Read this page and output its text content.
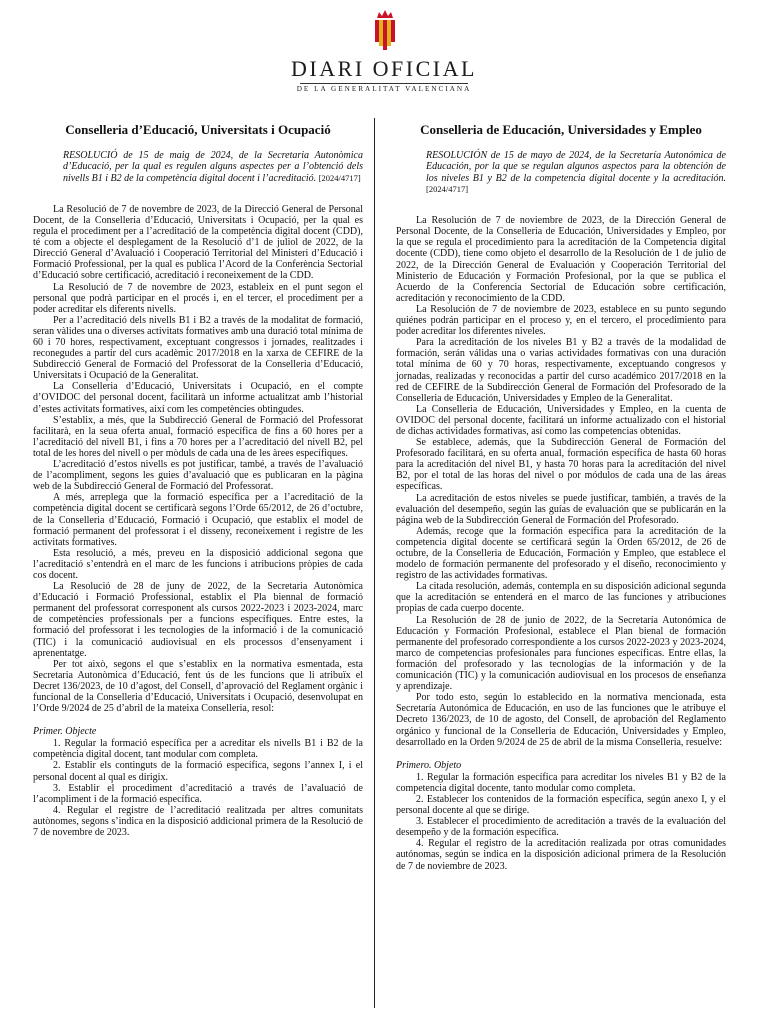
DIARI OFICIAL
DE LA GENERALITAT VALENCIANA
Conselleria d’Educació, Universitats i Ocupació
RESOLUCIÓ de 15 de maig de 2024, de la Secretaria Autonòmica d’Educació, per la qual es regulen alguns aspectes per a l’obtenció dels nivells B1 i B2 de la competència digital docent i l’acreditació. [2024/4717]

La Resolució de 7 de novembre de 2023, de la Direcció General de Personal Docent, de la Conselleria d’Educació, Universitats i Ocupació, per la qual es regula el procediment per a l’acreditació de la competència digital docent (CDD), té com a objecte el desplegament de la Resolució d’1 de juliol de 2022, de la Direcció General d’Avaluació i Cooperació Territorial del Ministeri d’Educació i Formació Professional, per la qual es publica l’Acord de la Conferència Sectorial d’Educació sobre certificació, acreditació i reconeixement de la CDD.

La Resolució de 7 de novembre de 2023, estableix en el punt segon el personal que podrà participar en el procés i, en el tercer, el procediment per a poder acreditar els diferents nivells.

Per a l’acreditació dels nivells B1 i B2 a través de la modalitat de formació, seran vàlides una o diverses activitats formatives amb una duració total mínima de 60 i 70 hores, respectivament, exceptuant congressos i jornades, realitzades i reconegudes a partir del curs acadèmic 2017/2018 en la xarxa de CEFIRE de la Subdirecció General de Formació del Professorat de la Conselleria d’Educació, Universitats i Ocupació de la Generalitat.

La Conselleria d’Educació, Universitats i Ocupació, en el compte d’OVIDOC del personal docent, facilitarà un informe actualitzat amb l’historial d’estes activitats formatives, així com les competències obtingudes.

S’establix, a més, que la Subdirecció General de Formació del Professorat facilitarà, en la seua oferta anual, formació específica de fins a 60 hores per a l’acreditació del nivell B1, i fins a 70 hores per a l’acreditació del nivell B2, pel total de les hores del nivell o per mòduls de cada una de les àrees específiques.

L’acreditació d’estos nivells es pot justificar, també, a través de l’avaluació de l’acompliment, segons les guies d’avaluació que es publicaran en la pàgina web de la Subdirecció General de Formació del Professorat.

A més, arreplega que la formació específica per a l’acreditació de la competència digital docent se certificarà segons l’Orde 65/2012, de 26 d’octubre, de la Conselleria d’Educació, Formació i Ocupació, que establix el model de formació permanent del professorat i el disseny, reconeixement i registre de les activitats formatives.

Esta resolució, a més, preveu en la disposició addicional segona que l’acreditació s’entendrà en el marc de les funcions i atribucions pròpies de cada cos docent.

La Resolució de 28 de juny de 2022, de la Secretaria Autonòmica d’Educació i Formació Professional, establix el Pla biennal de formació permanent del professorat corresponent als cursos 2022-2023 i 2023-2024, marc de competències professionals per a funcions específiques. Entre estes, la formació del professorat i les tecnologies de la informació i de la comunicació (TIC) i la comunicació audiovisual en els processos d’ensenyament i aprenentatge.

Per tot això, segons el que s’establix en la normativa esmentada, esta Secretaria Autonòmica d’Educació, fent ús de les funcions que li atribuïx el Decret 136/2023, de 10 d’agost, del Consell, d’aprovació del Reglament orgànic i funcional de la Conselleria d’Educació, Universitats i Ocupació, desenvolupat en l’Orde 9/2024 de 25 d’abril de la mateixa Conselleria, resol:

Primer. Objecte

1. Regular la formació específica per a acreditar els nivells B1 i B2 de la competència digital docent, tant modular com completa.

2. Establir els continguts de la formació específica, segons l’annex I, i el personal docent al qual es dirigix.

3. Establir el procediment d’acreditació a través de l’avaluació de l’acompliment i de la formació específica.

4. Regular el registre de l’acreditació realitzada per altres comunitats autònomes, segons s’indica en la disposició addicional primera de la Resolució de 7 de novembre de 2023.

Conselleria de Educación, Universidades y Empleo
RESOLUCIÓN de 15 de mayo de 2024, de la Secretaría Autonómica de Educación, por la que se regulan algunos aspectos para la obtención de los niveles B1 y B2 de la competencia digital docente y la acreditación. [2024/4717]

La Resolución de 7 de noviembre de 2023, de la Dirección General de Personal Docente, de la Conselleria de Educación, Universidades y Empleo, por la que se regula el procedimiento para la acreditación de la Competencia digital docente (CDD), tiene como objeto el desarrollo de la Resolución de 1 de julio de 2022, de la Dirección General de Evaluación y Cooperación Territorial del Ministerio de Educación y Formación Profesional, por la que se publica el Acuerdo de la Conferencia Sectorial de Educación sobre certificación, acreditación y reconocimiento de la CDD.

La Resolución de 7 de noviembre de 2023, establece en su punto segundo quiénes podrán participar en el proceso y, en el tercero, el procedimiento para poder acreditar los diferentes niveles.

Para la acreditación de los niveles B1 y B2 a través de la modalidad de formación, serán válidas una o varias actividades formativas con una duración total mínima de 60 y 70 horas, respectivamente, exceptuando congresos y jornadas, realizadas y reconocidas a partir del curso académico 2017/2018 en la red de CEFIRE de la Subdirección General de Formación del Profesorado de la Conselleria de Educación, Universidades y Empleo de la Generalitat.

La Conselleria de Educación, Universidades y Empleo, en la cuenta de OVIDOC del personal docente, facilitará un informe actualizado con el historial de dichas actividades formativas, así como las competencias obtenidas.

Se establece, además, que la Subdirección General de Formación del Profesorado facilitará, en su oferta anual, formación específica de hasta 60 horas para la acreditación del nivel B1, y hasta 70 horas para la acreditación del nivel B2, por el total de las horas del nivel o por módulos de cada una de las áreas específicas.

La acreditación de estos niveles se puede justificar, también, a través de la evaluación del desempeño, según las guías de evaluación que se publicarán en la página web de la Subdirección General de Formación del Profesorado.

Además, recoge que la formación específica para la acreditación de la competencia digital docente se certificará según la Orden 65/2012, de 26 de octubre, de la Conselleria de Educación, Formación y Empleo, que establece el modelo de formación permanente del profesorado y el diseño, reconocimiento y registro de las actividades formativas.

La citada resolución, además, contempla en su disposición adicional segunda que la acreditación se entenderá en el marco de las funciones y atribuciones propias de cada cuerpo docente.

La Resolución de 28 de junio de 2022, de la Secretaría Autonómica de Educación y Formación Profesional, establece el Plan bienal de formación permanente del profesorado correspondiente a los cursos 2022-2023 y 2023-2024, marco de competencias profesionales para funciones específicas. Entre ellas, la formación del profesorado y las tecnologías de la información y de la comunicación (TIC) y la comunicación audiovisual en los procesos de enseñanza y aprendizaje.

Por todo esto, según lo establecido en la normativa mencionada, esta Secretaría Autonómica de Educación, en uso de las funciones que le atribuye el Decreto 136/2023, de 10 de agosto, del Consell, de aprobación del Reglamento orgánico y funcional de la Conselleria de Educación, Universidades y Empleo, desarrollado en la Orden 9/2024 de 25 de abril de la misma Conselleria, resuelve:

Primero. Objeto

1. Regular la formación específica para acreditar los niveles B1 y B2 de la competencia digital docente, tanto modular como completa.

2. Establecer los contenidos de la formación específica, según anexo I, y el personal docente al que se dirige.

3. Establecer el procedimiento de acreditación a través de la evaluación del desempeño y de la formación específica.

4. Regular el registro de la acreditación realizada por otras comunidades autónomas, según se indica en la disposición adicional primera de la Resolución de 7 de noviembre de 2023.
